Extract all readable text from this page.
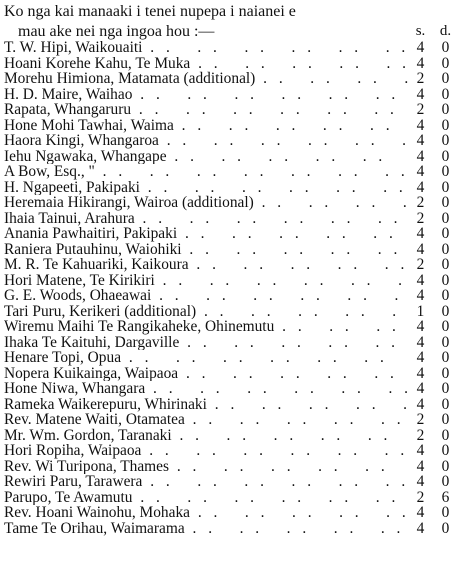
Ko nga kai manaaki i tenei nupepa i naianei e
mau ake nei nga ingoa hou :—	s. d.
T. W. Hipi, Waikouaiti . .	4	0
Hoani Korehe Kahu, Te Muka . .	4	0
Morehu Himiona, Matamata (additional) . .	2	0
H. D. Maire, Waihao . .	4	0
Rapata, Whangaruru . .	2	0
Hone Mohi Tawhai, Waima . .	4	0
Haora Kingi, Whangaroa . .	4	0
Iehu Ngawaka, Whangape . .	4	0
A Bow, Esq., " . .	4	0
H. Ngapeeti, Pakipaki . .	4	0
Heremaia Hikirangi, Wairoa (additional) . .	2	0
Ihaia Tainui, Arahura . .	2	0
Anania Pawhaitiri, Pakipaki . .	4	0
Raniera Putauhinu, Waiohiki . .	4	0
M. R. Te Kahuariki, Kaikoura . .	2	0
Hori Matene, Te Kirikiri . .	4	0
G. E. Woods, Ohaeawai . .	4	0
Tari Puru, Kerikeri (additional) . .	1	0
Wiremu Maihi Te Rangikaheke, Ohinemutu . .	4	0
Ihaka Te Kaituhi, Dargaville . .	4	0
Henare Topi, Opua . .	4	0
Nopera Kuikainga, Waipaoa . .	4	0
Hone Niwa, Whangara . .	4	0
Rameka Waikerepuru, Whirinaki . .	4	0
Rev. Matene Waiti, Otamatea . .	2	0
Mr. Wm. Gordon, Taranaki . .	2	0
Hori Ropiha, Waipaoa . .	4	0
Rev. Wi Turipona, Thames . .	4	0
Rewiri Paru, Tarawera . .	4	0
Parupo, Te Awamutu . .	2	6
Rev. Hoani Wainohu, Mohaka . .	4	0
Tame Te Orihau, Waimarama . .	4	0
